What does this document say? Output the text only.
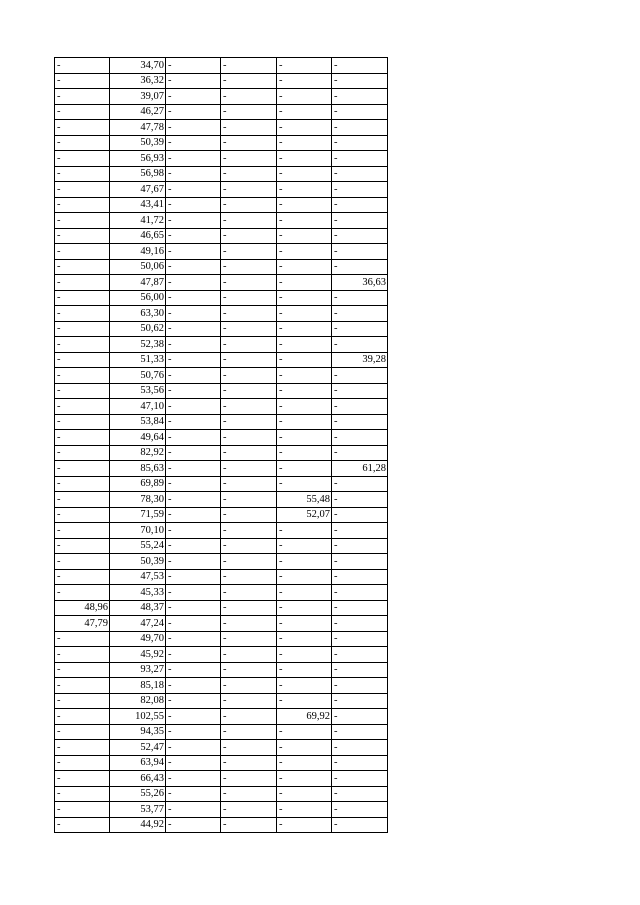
-	34,70	-	-	-	-
-	36,32	-	-	-	-
-	39,07	-	-	-	-
-	46,27	-	-	-	-
-	47,78	-	-	-	-
-	50,39	-	-	-	-
-	56,93	-	-	-	-
-	56,98	-	-	-	-
-	47,67	-	-	-	-
-	43,41	-	-	-	-
-	41,72	-	-	-	-
-	46,65	-	-	-	-
-	49,16	-	-	-	-
-	50,06	-	-	-	-
-	47,87	-	-	-	36,63
-	56,00	-	-	-	-
-	63,30	-	-	-	-
-	50,62	-	-	-	-
-	52,38	-	-	-	-
-	51,33	-	-	-	39,28
-	50,76	-	-	-	-
-	53,56	-	-	-	-
-	47,10	-	-	-	-
-	53,84	-	-	-	-
-	49,64	-	-	-	-
-	82,92	-	-	-	-
-	85,63	-	-	-	61,28
-	69,89	-	-	-	-
-	78,30	-	-	55,48	-
-	71,59	-	-	52,07	-
-	70,10	-	-	-	-
-	55,24	-	-	-	-
-	50,39	-	-	-	-
-	47,53	-	-	-	-
-	45,33	-	-	-	-
48,96	48,37	-	-	-	-
47,79	47,24	-	-	-	-
-	49,70	-	-	-	-
-	45,92	-	-	-	-
-	93,27	-	-	-	-
-	85,18	-	-	-	-
-	82,08	-	-	-	-
-	102,55	-	-	69,92	-
-	94,35	-	-	-	-
-	52,47	-	-	-	-
-	63,94	-	-	-	-
-	66,43	-	-	-	-
-	55,26	-	-	-	-
-	53,77	-	-	-	-
-	44,92	-	-	-	-
